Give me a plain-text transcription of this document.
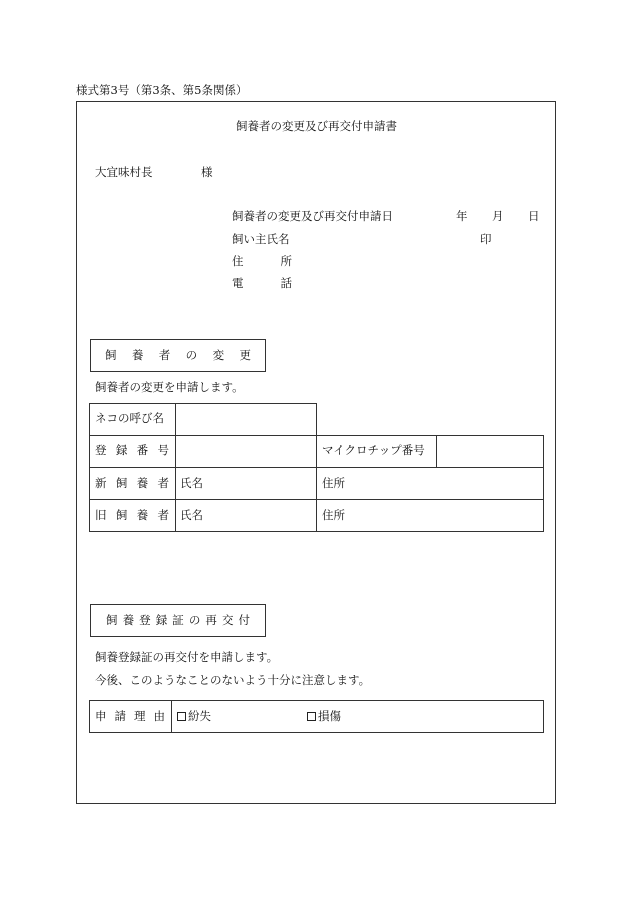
様式第3号（第3条、第5条関係）
飼養者の変更及び再交付申請書
大宜味村長	様
飼養者の変更及び再交付申請日	年 月 日
飼い主氏名	印
住	所
電	話
飼 養 者 の 変 更
飼養者の変更を申請します。
ネコの呼び名
登 録 番 号	マイクロチップ番号
新 飼 養 者 氏名	住所
旧 飼 養 者 氏名	住所
飼 養 登 録 証 の 再 交 付
飼養登録証の再交付を申請します。
今後、このようなことのないよう十分に注意します。
申 請 理 由	紛失	損傷
